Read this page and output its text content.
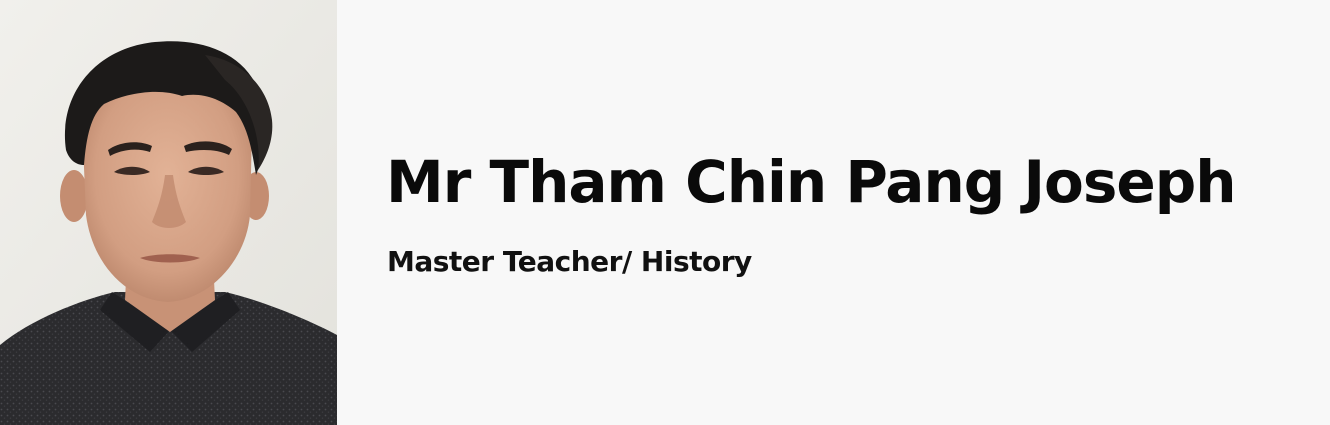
Mr Tham Chin Pang Joseph

Master Teacher/ History
